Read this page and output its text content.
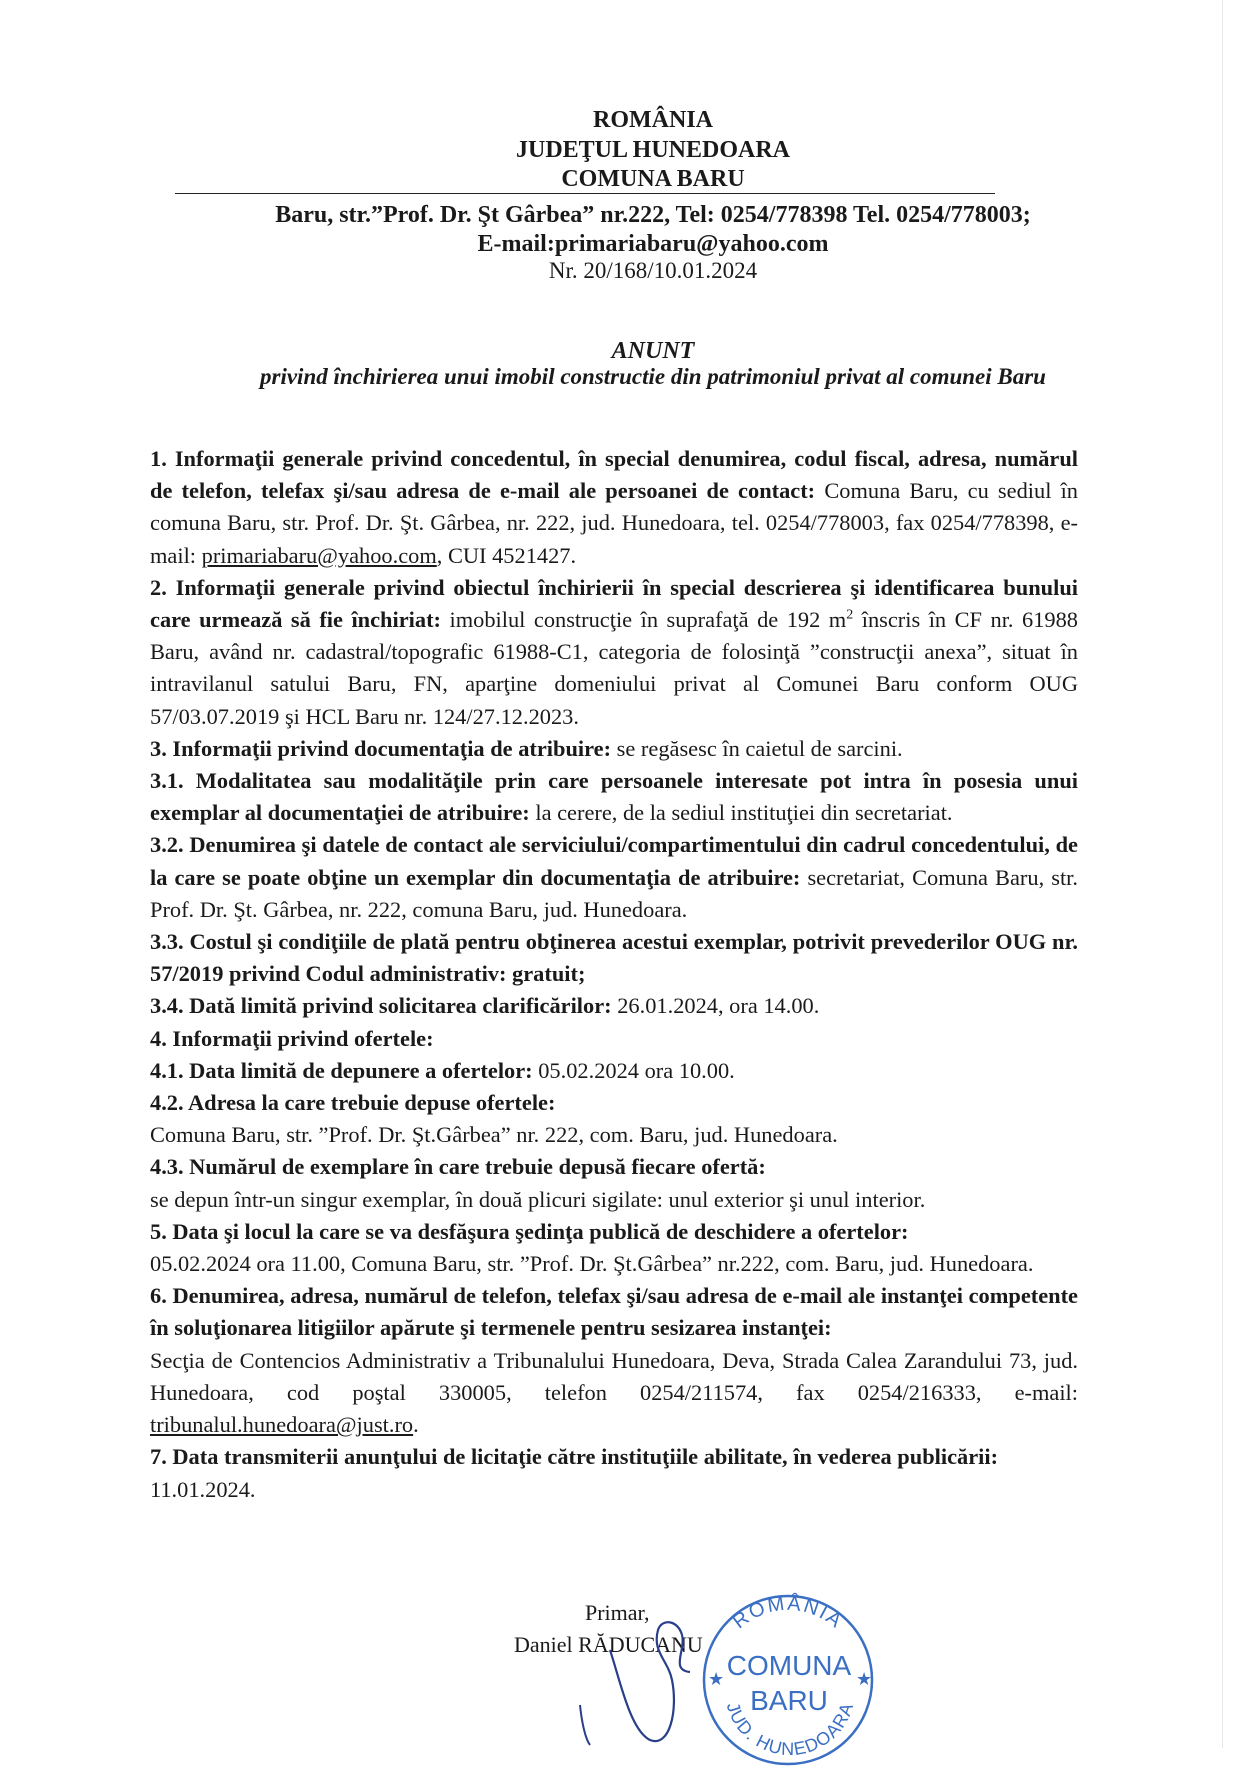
ROMÂNIA
JUDEŢUL HUNEDOARA
COMUNA BARU
Baru, str.”Prof. Dr. Şt Gârbea” nr.222, Tel: 0254/778398 Tel. 0254/778003;
E-mail:primariabaru@yahoo.com
Nr. 20/168/10.01.2024
ANUNT
privind închirierea unui imobil constructie din patrimoniul privat al comunei Baru

1. Informaţii generale privind concedentul, în special denumirea, codul fiscal, adresa, numărul de telefon, telefax şi/sau adresa de e-mail ale persoanei de contact: Comuna Baru, cu sediul în comuna Baru, str. Prof. Dr. Şt. Gârbea, nr. 222, jud. Hunedoara, tel. 0254/778003, fax 0254/778398, e-mail: primariabaru@yahoo.com, CUI 4521427.

2. Informaţii generale privind obiectul închirierii în special descrierea şi identificarea bunului care urmează să fie închiriat: imobilul construcţie în suprafaţă de 192 $m^2$ înscris în CF nr. 61988 Baru, având nr. cadastral/topografic 61988-C1, categoria de folosinţă ”construcţii anexa”, situat în intravilanul satului Baru, FN, aparţine domeniului privat al Comunei Baru conform OUG 57/03.07.2019 şi HCL Baru nr. 124/27.12.2023.

3. Informaţii privind documentaţia de atribuire: se regăsesc în caietul de sarcini.

3.1. Modalitatea sau modalităţile prin care persoanele interesate pot intra în posesia unui exemplar al documentaţiei de atribuire: la cerere, de la sediul instituţiei din secretariat.

3.2. Denumirea şi datele de contact ale serviciului/compartimentului din cadrul concedentului, de la care se poate obţine un exemplar din documentaţia de atribuire: secretariat, Comuna Baru, str. Prof. Dr. Şt. Gârbea, nr. 222, comuna Baru, jud. Hunedoara.

3.3. Costul şi condiţiile de plată pentru obţinerea acestui exemplar, potrivit prevederilor OUG nr. 57/2019 privind Codul administrativ: gratuit;

3.4. Dată limită privind solicitarea clarificărilor: 26.01.2024, ora 14.00.

4. Informaţii privind ofertele:

4.1. Data limită de depunere a ofertelor: 05.02.2024 ora 10.00.

4.2. Adresa la care trebuie depuse ofertele:

Comuna Baru, str. ”Prof. Dr. Şt.Gârbea” nr. 222, com. Baru, jud. Hunedoara.

4.3. Numărul de exemplare în care trebuie depusă fiecare ofertă:

se depun într-un singur exemplar, în două plicuri sigilate: unul exterior şi unul interior.

5. Data şi locul la care se va desfăşura şedinţa publică de deschidere a ofertelor:

05.02.2024 ora 11.00, Comuna Baru, str. ”Prof. Dr. Şt.Gârbea” nr.222, com. Baru, jud. Hunedoara.

6. Denumirea, adresa, numărul de telefon, telefax şi/sau adresa de e-mail ale instanţei competente în soluţionarea litigiilor apărute şi termenele pentru sesizarea instanţei:

Secţia de Contencios Administrativ a Tribunalului Hunedoara, Deva, Strada Calea Zarandului 73, jud. Hunedoara, cod poştal 330005, telefon 0254/211574, fax 0254/216333, e-mail: tribunalul.hunedoara@just.ro.

7. Data transmiterii anunţului de licitaţie către instituţiile abilitate, în vederea publicării:

11.01.2024.

Primar,
Daniel RĂDUCANU
ROMÂNIA
COMUNA
BARU
★	★
JUD. HUNEDOARA
